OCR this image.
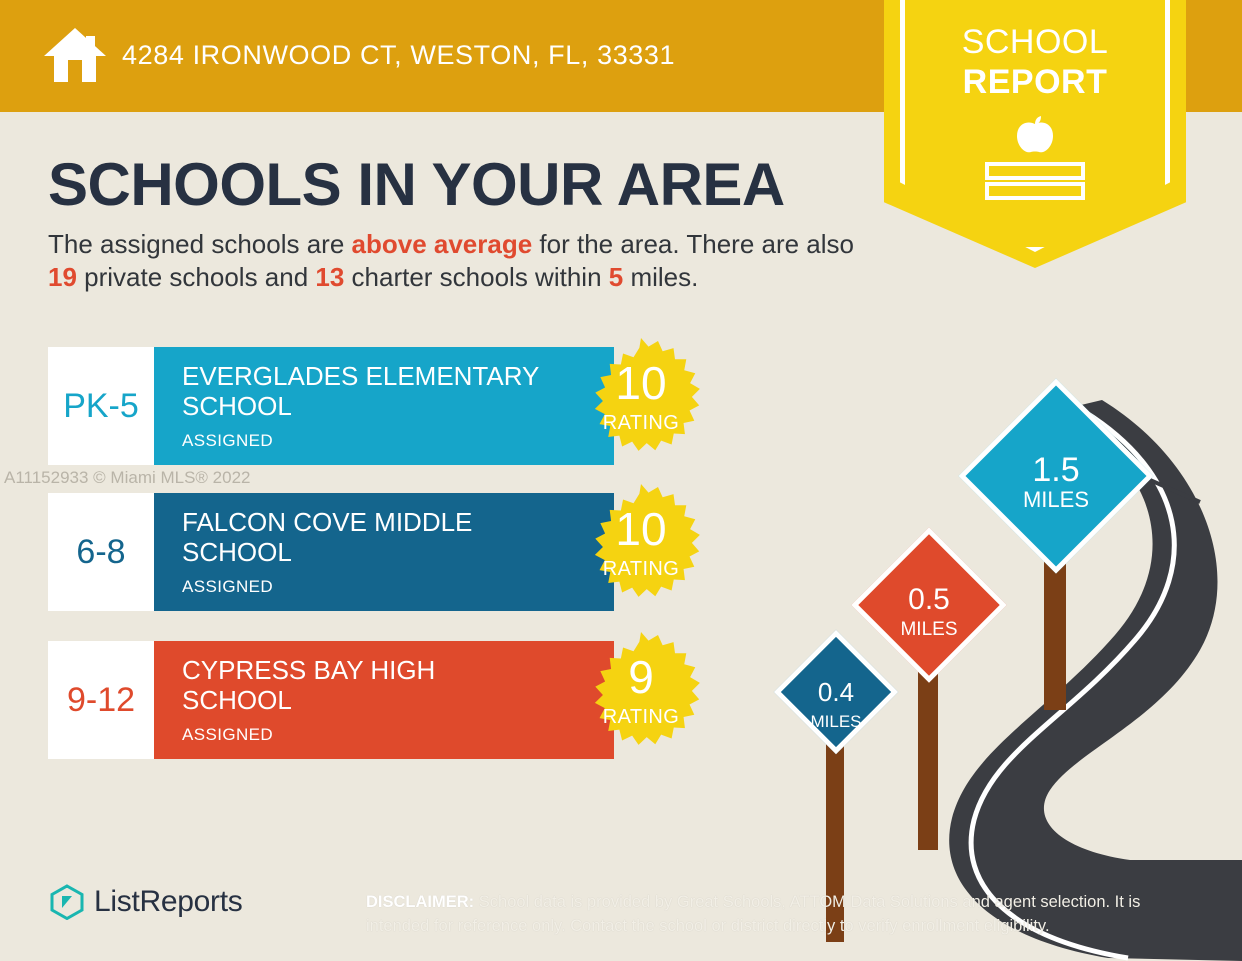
4284 IRONWOOD CT, WESTON, FL, 33331	SCHOOL
REPORT
SCHOOLS IN YOUR AREA

The assigned schools are above average for the area. There are also 19 private schools and 13 charter schools within 5 miles.

A11152933 © Miami MLS® 2022
PK-5
EVERGLADES ELEMENTARY SCHOOL
ASSIGNED
10
RATING
6-8
FALCON COVE MIDDLE SCHOOL
ASSIGNED
10
RATING
9-12
CYPRESS BAY HIGH SCHOOL
ASSIGNED
9
RATING
1.5
MILES
0.5
MILES
0.4
MILES
ListReports	DISCLAIMER: School data is provided by Great Schools, ATTOM Data Solutions and agent selection. It is intended for reference only. Contact the school or district directly to verify enrollment eligibility.
